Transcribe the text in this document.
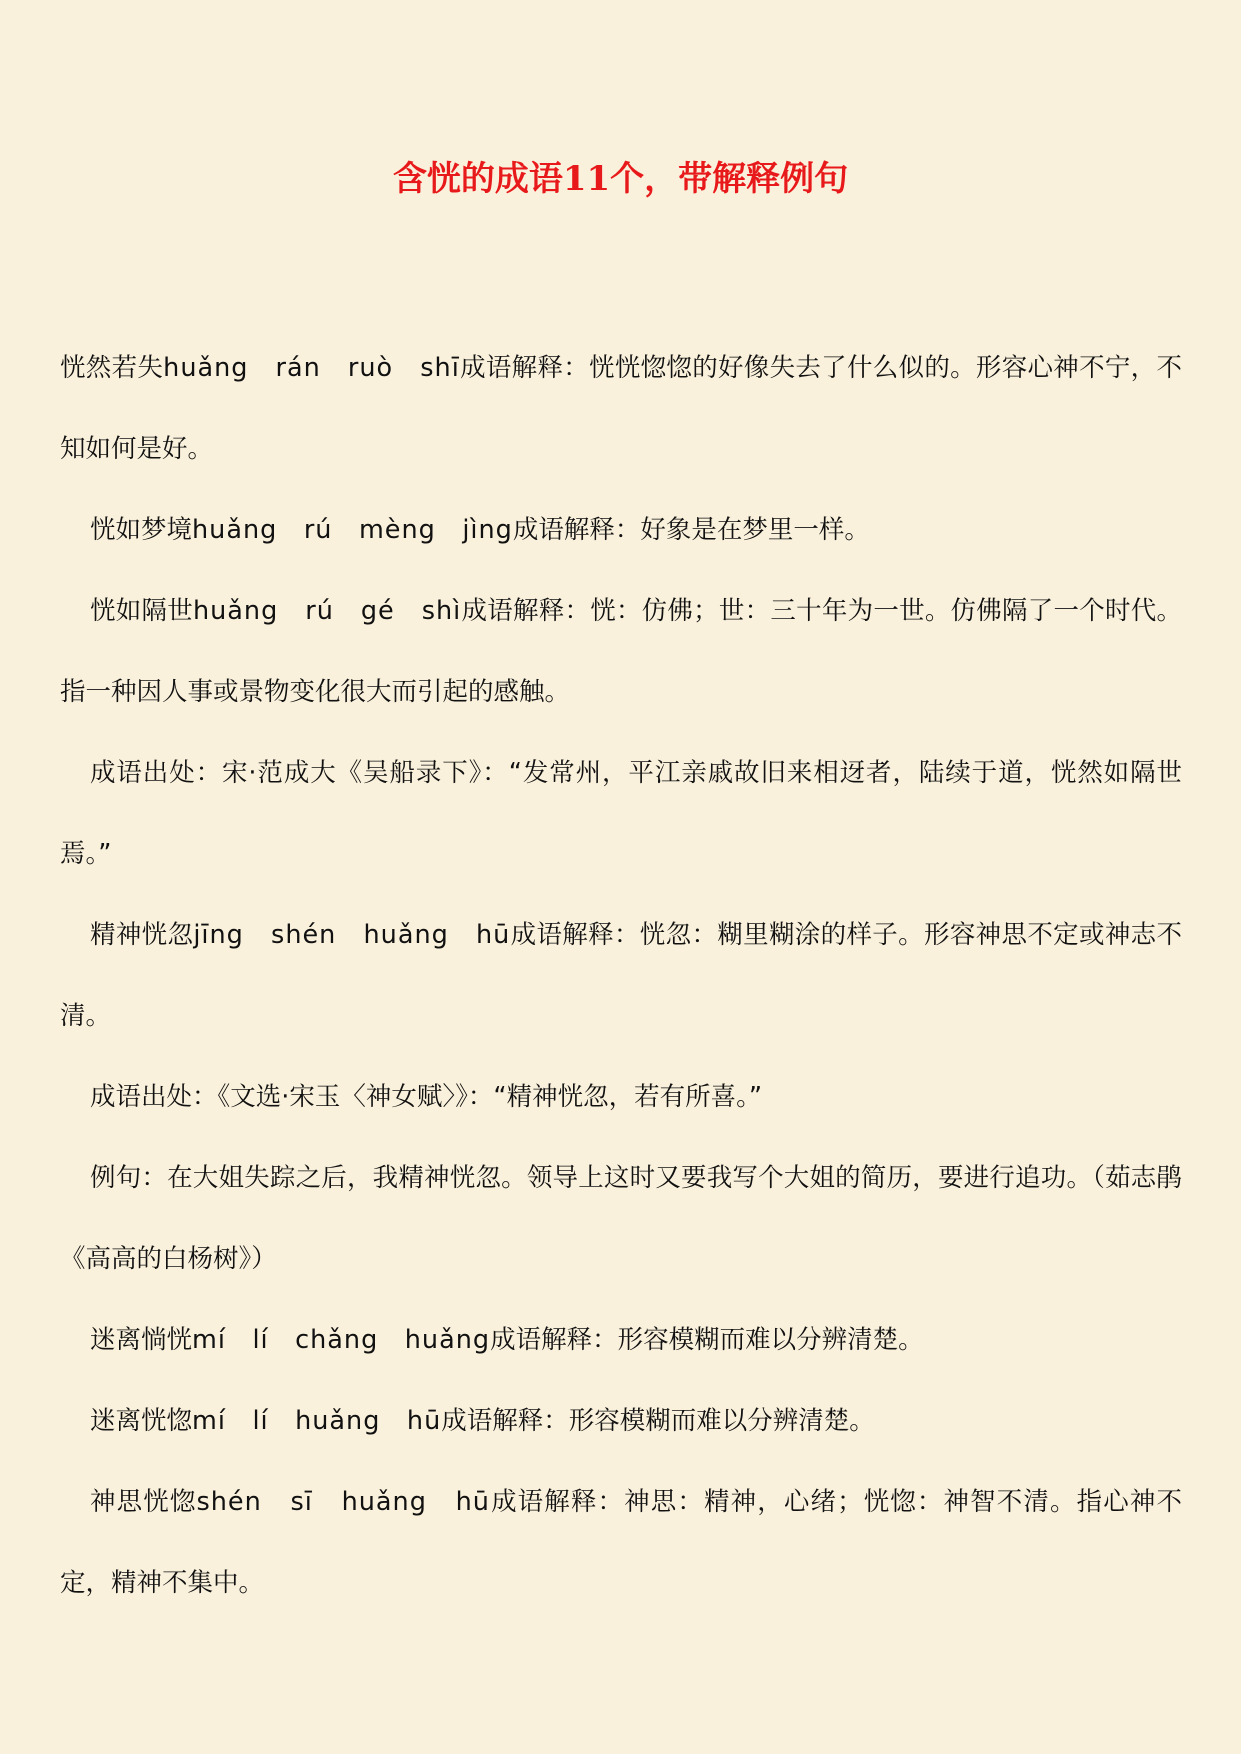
含恍的成语11个，带解释例句

恍然若失huǎng　rán　ruò　shī成语解释：恍恍惚惚的好像失去了什么似的。形容心神不宁，不知如何是好。

恍如梦境huǎng　rú　mèng　jìng成语解释：好象是在梦里一样。

恍如隔世huǎng　rú　gé　shì成语解释：恍：仿佛；世：三十年为一世。仿佛隔了一个时代。指一种因人事或景物变化很大而引起的感触。

成语出处：宋·范成大《吴船录下》：“发常州，平江亲戚故旧来相迓者，陆续于道，恍然如隔世焉。”

精神恍忽jīng　shén　huǎng　hū成语解释：恍忽：糊里糊涂的样子。形容神思不定或神志不清。

成语出处：《文选·宋玉〈神女赋〉》：“精神恍忽，若有所喜。”

例句：在大姐失踪之后，我精神恍忽。领导上这时又要我写个大姐的简历，要进行追功。（茹志鹃《高高的白杨树》）

迷离惝恍mí　lí　chǎng　huǎng成语解释：形容模糊而难以分辨清楚。

迷离恍惚mí　lí　huǎng　hū成语解释：形容模糊而难以分辨清楚。

神思恍惚shén　sī　huǎng　hū成语解释：神思：精神，心绪；恍惚：神智不清。指心神不定，精神不集中。
